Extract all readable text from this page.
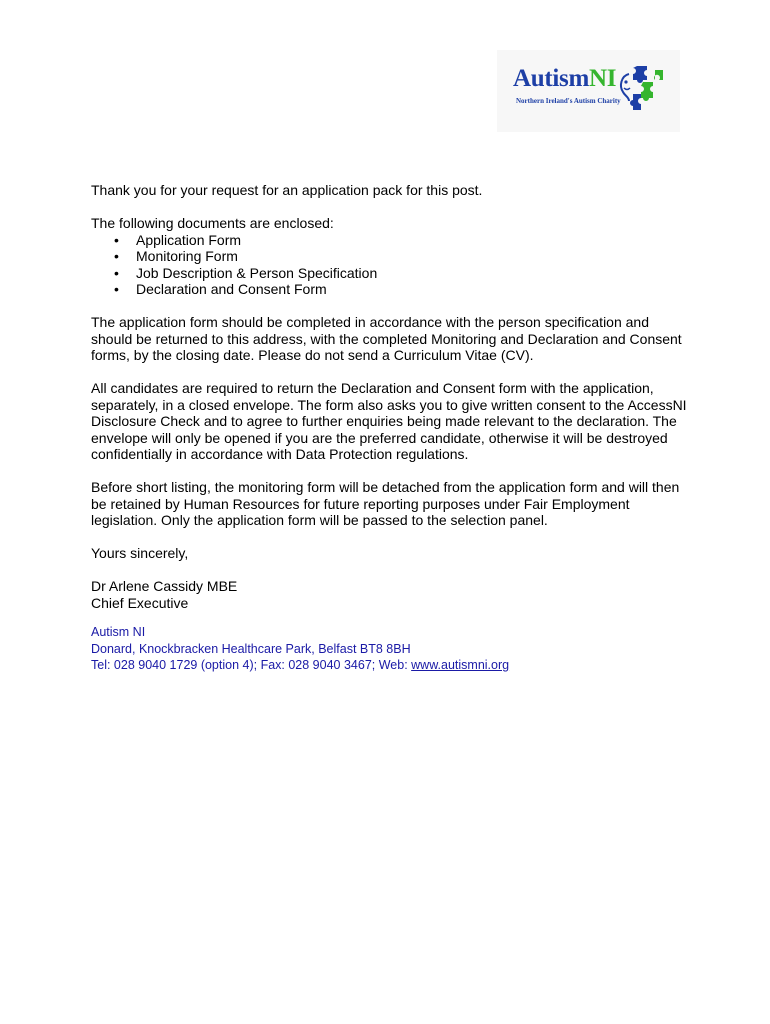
AutismNI
Northern Ireland's Autism Charity

Thank you for your request for an application pack for this post.

The following documents are enclosed:

• Application Form
• Monitoring Form
• Job Description & Person Specification
• Declaration and Consent Form

The application form should be completed in accordance with the person specification and should be returned to this address, with the completed Monitoring and Declaration and Consent forms, by the closing date. Please do not send a Curriculum Vitae (CV).

All candidates are required to return the Declaration and Consent form with the application, separately, in a closed envelope. The form also asks you to give written consent to the AccessNI Disclosure Check and to agree to further enquiries being made relevant to the declaration. The envelope will only be opened if you are the preferred candidate, otherwise it will be destroyed confidentially in accordance with Data Protection regulations.

Before short listing, the monitoring form will be detached from the application form and will then be retained by Human Resources for future reporting purposes under Fair Employment legislation. Only the application form will be passed to the selection panel.

Yours sincerely,

Dr Arlene Cassidy MBE

Chief Executive

Autism NI
Donard, Knockbracken Healthcare Park, Belfast BT8 8BH
Tel: 028 9040 1729 (option 4); Fax: 028 9040 3467; Web: www.autismni.org
